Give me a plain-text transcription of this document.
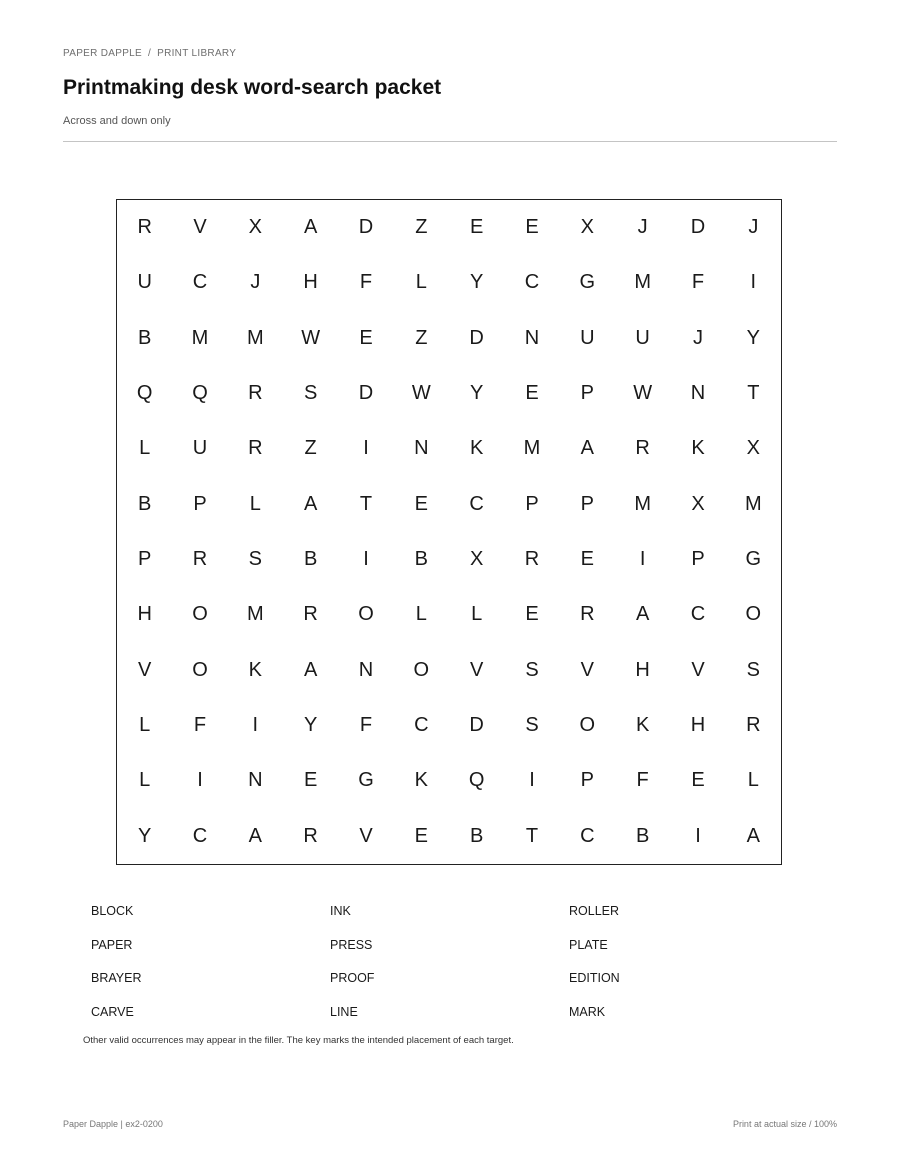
PAPER DAPPLE / PRINT LIBRARY
Printmaking desk word-search packet
Across and down only
R	V	X	A	D	Z	E	E	X	J	D	J
U	C	J	H	F	L	Y	C	G	M	F	I
B	M	M	W	E	Z	D	N	U	U	J	Y
Q	Q	R	S	D	W	Y	E	P	W	N	T
L	U	R	Z	I	N	K	M	A	R	K	X
B	P	L	A	T	E	C	P	P	M	X	M
P	R	S	B	I	B	X	R	E	I	P	G
H	O	M	R	O	L	L	E	R	A	C	O
V	O	K	A	N	O	V	S	V	H	V	S
L	F	I	Y	F	C	D	S	O	K	H	R
L	I	N	E	G	K	Q	I	P	F	E	L
Y	C	A	R	V	E	B	T	C	B	I	A
BLOCK	INK	ROLLER
PAPER	PRESS	PLATE
BRAYER	PROOF	EDITION
CARVE	LINE	MARK
Other valid occurrences may appear in the filler. The key marks the intended placement of each target.
Paper Dapple | ex2-0200	Print at actual size / 100%
